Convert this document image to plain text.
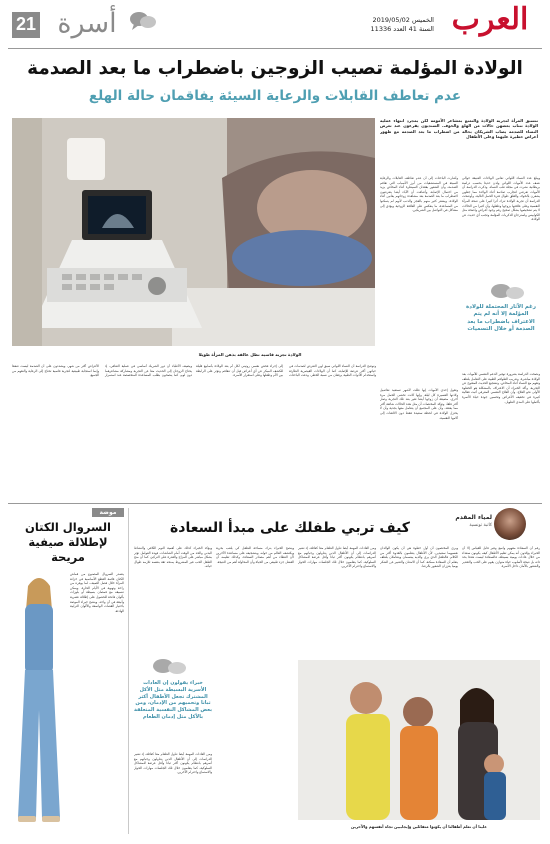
21 أسرة	الخميس 2019/05/02
السنة 41 العدد 11336 العرب
الولادة المؤلمة تصيب الزوجين باضطراب ما بعد الصدمة
عدم تعاطف القابلات والرعاية السيئة يفاقمان حالة الهلع
تتسبق المرأة لتجربة الولادة والتمتع بمشاعر الأمومة لكن بمجرد انتهاء عملية الولادة تنتاب بعضهن حالات من الهلع والخوف. السنديون يقرعون عند تعرض النساء للصدمة يصاب الشريكان بحالة من اضطراب ما بعد الصدمة مع ظهور أعراض خطيرة عليهما وعلى الأطفال
الولادة تجربة قاسية تظل عالقة بذهن المرأة طويلا
ويبلغ عدد النساء اللواتي تعانين الولادات العنيفة حوالي نصف عدد الأمهات اللواتي ولدن حديثا بحسب دراسة بريطانية نشرت في مجلة طب النساء، وذكرت الدراسة أن الأمهات تعرضن لتجارب صادمة أثناء الولادة مما جعلهن يشعرن بالخوف والقلق طوال فترة الحمل التالية، وأوضحت الدراسة أن تجربة الولادة تترك أثرا كبيرا على صحة المرأة النفسية وعلى علاقتها بزوجها وطفلها، وأن كثيرا من الحالات لا يتم تشخيصها بشكل صحيح رغم وجود أعراض واضحة مثل الكوابيس واسترجاع الذكريات المؤلمة وتجنب أي حديث عن الولادة.
وأشارت الباحثات إلى أن عدم تعاطف القابلات والرعاية السيئة في المستشفيات من أبرز الأسباب التي تفاقم الصدمة، وأن الشعور بفقدان السيطرة أثناء المخاض يزيد من احتمال الإصابة، وأضافت أن الآباء أيضا يتعرضون لاضطراب ما بعد الصدمة بعد مشاهدة زوجاتهم يعانين أثناء الولادة، ويشعر كثير منهم بالعجز والذنب لأنهم لم يتمكنوا من المساعدة، ما ينعكس على العلاقة الزوجية ويؤدي إلى مشاكل في التواصل بين الشريكين.
رغم الآثار المحتملة للولادة المؤلمة إلا أنه لم يتم الاعتراف باضطراب ما بعد الصدمة أو خلال التسميات
ونصحت الدراسة بضرورة توفير الدعم النفسي للأمهات بعد الولادة مباشرة، وتدريب الطواقم الطبية على التعامل بلطف وتفهم مع النساء أثناء المخاض، وتشجيع الحديث المفتوح عن التجربة، وأكد الخبراء أن الاعتراف بالمشكلة هو الخطوة الأولى نحو العلاج، وأن العلاج النفسي المعرفي أثبت فعالية كبيرة في تخفيف الأعراض وتحسين جودة حياة الأسرة بأكملها على المدى الطويل.
وتقول إحدى الأمهات إنها ظلت لأشهر تستعيد تفاصيل ولادتها العسيرة كل ليلة، وإنها كانت تخشى الحمل مرة أخرى، مضيفة أن زوجها أيضا تغير بعد تلك التجربة وصار أكثر قلقا، وتؤكد المختصات أن مثل هذه الحالات شائعة أكثر مما يعتقد، وأن على المجتمع أن يتعامل معها بجدية وأن لا يختزل الولادة في لحظة سعيدة فقط دون الالتفات إلى آلامها النفسية.
وتوضح الدراسة أن النساء اللواتي سبق لهن التعرض لصدمات في حياتهن أكثر عرضة للإصابة، كما أن الولادات القيصرية الطارئة واستخدام الأدوات الطبية يرفعان من نسبة الخطر، ودعت الباحثات إلى إجراء فحص نفسي روتيني لكل أم بعد الولادة بأسابيع قليلة للكشف المبكر عن أي أعراض قبل أن تتفاقم وتؤثر على الرابطة بين الأم وطفلها وعلى استقرار الأسرة.
ويضيف الأطباء أن دور الشريك أساسي في عملية التعافي، إذ يحتاج الزوجان إلى الحديث معا عن التجربة ومشاركة مشاعرهما دون لوم، كما ينصحون بطلب المساعدة المتخصصة عند استمرار الأعراض أكثر من شهر، ويشددون على أن الصدمة ليست ضعفا وإنما استجابة طبيعية لتجربة قاسية تحتاج إلى الرعاية والتفهم من الجميع.
لمياء المقدم
كاتبة تونسية
كيف تربي طفلك على مبدأ السعادة
رغم أن السعادة مفهوم واسع وغير قابل للقياس إلا أن الخبراء يؤكدون أنه يمكن تعليم الأطفال كيف يكونون سعداء من خلال عادات يومية بسيطة، فالسعادة ليست هدفا بحد ذاته بل نتيجة لأسلوب حياة متوازن يقوم على الحب والتقدير والشعور بالأمان داخل الأسرة.
ويرى المختصون أن أول خطوة هي أن يكون الوالدان نفسيهما سعيدين، لأن الأطفال يتعلمون بالقدوة أكثر من الكلام، فالطفل الذي يرى والديه يبتسمان ويتعاملان بلطف يتعلم أن السعادة ممكنة، كما أن الامتنان والتعبير عن الشكر يوميا يعززان الشعور بالرضا.
ومن العادات المهمة أيضا تناول الطعام معا كعائلة، إذ تشير الدراسات إلى أن الأطفال الذين يتناولون وجباتهم مع أسرهم بانتظام يكونون أكثر ثباتا وأقل عرضة للمشاكل السلوكية، كما يتعلمون خلال تلك الجلسات مهارات الحوار والاستماع واحترام الآخرين.
وينصح الخبراء بترك مساحة للطفل كي يلعب بحرية ويكتشف العالم من حوله، وبتشجيعه على مساعدة الآخرين لأن العطاء من أهم مصادر السعادة، وكذلك تعليمه أن الفشل جزء طبيعي من الحياة وأن المحاولة أهم من النتيجة.
ويؤكد الخبراء كذلك على أهمية النوم الكافي والنشاط البدني والحد من الوقت أمام الشاشات، فهذه العوامل تؤثر بشكل مباشر على المزاج والقدرة على التركيز، كما أن منح الطفل الحب غير المشروط يمنحه ثقة بنفسه تلازمه طوال حياته.
خبراء يقولون إن العادات الأسرية البسيطة مثل الأكل المشترك تجعل الأطفال أكثر ثباتا وتحميهم من الإدمان، ومن بعض المشاكل النفسية المتعلقة بالأكل مثل إدمان الطعام
ومن العادات المهمة أيضا تناول الطعام معا كعائلة، إذ تشير الدراسات إلى أن الأطفال الذين يتناولون وجباتهم مع أسرهم بانتظام يكونون أكثر ثباتا وأقل عرضة للمشاكل السلوكية، كما يتعلمون خلال تلك الجلسات مهارات الحوار والاستماع واحترام الآخرين.
علينا أن نعلم أطفالنا أن يكونوا متفائلين وإيجابيين تجاه أنفسهم والآخرين
موضة
السروال الكتان لإطلالة صيفية مريحة
يتصدر السروال المصنوع من قماش الكتان قائمة القطع الأساسية في خزانة المرأة خلال فصل الصيف، لما يوفره من راحة وتهوية في الأيام الحارة، ويمكن تنسيقه مع قمصان بسيطة أو بلوزات بألوان فاتحة للحصول على إطلالة عصرية وأنيقة في آن واحد، وينصح خبراء الموضة باختيار القصات الواسعة والألوان الترابية الهادئة.
